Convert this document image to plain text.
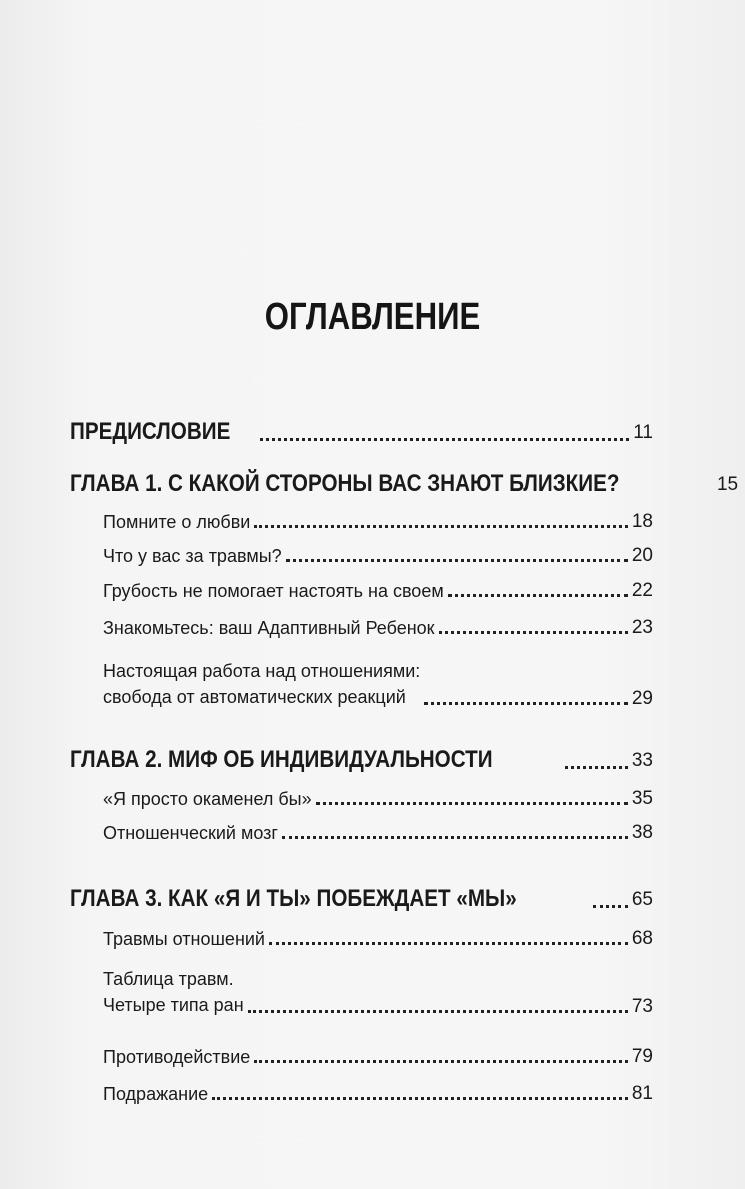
ОГЛАВЛЕНИЕ
ПРЕДИСЛОВИЕ	11
ГЛАВА 1. С КАКОЙ СТОРОНЫ ВАС ЗНАЮТ БЛИЗКИЕ?	15
Помните о любви	18
Что у вас за травмы?	20
Грубость не помогает настоять на своем	22
Знакомьтесь: ваш Адаптивный Ребенок	23
Настоящая работа над отношениями:
свобода от автоматических реакций	29
ГЛАВА 2. МИФ ОБ ИНДИВИДУАЛЬНОСТИ	33
«Я просто окаменел бы»	35
Отношенческий мозг	38
ГЛАВА 3. КАК «Я И ТЫ» ПОБЕЖДАЕТ «МЫ»	65
Травмы отношений	68
Таблица травм.
Четыре типа ран	73
Противодействие	79
Подражание	81
